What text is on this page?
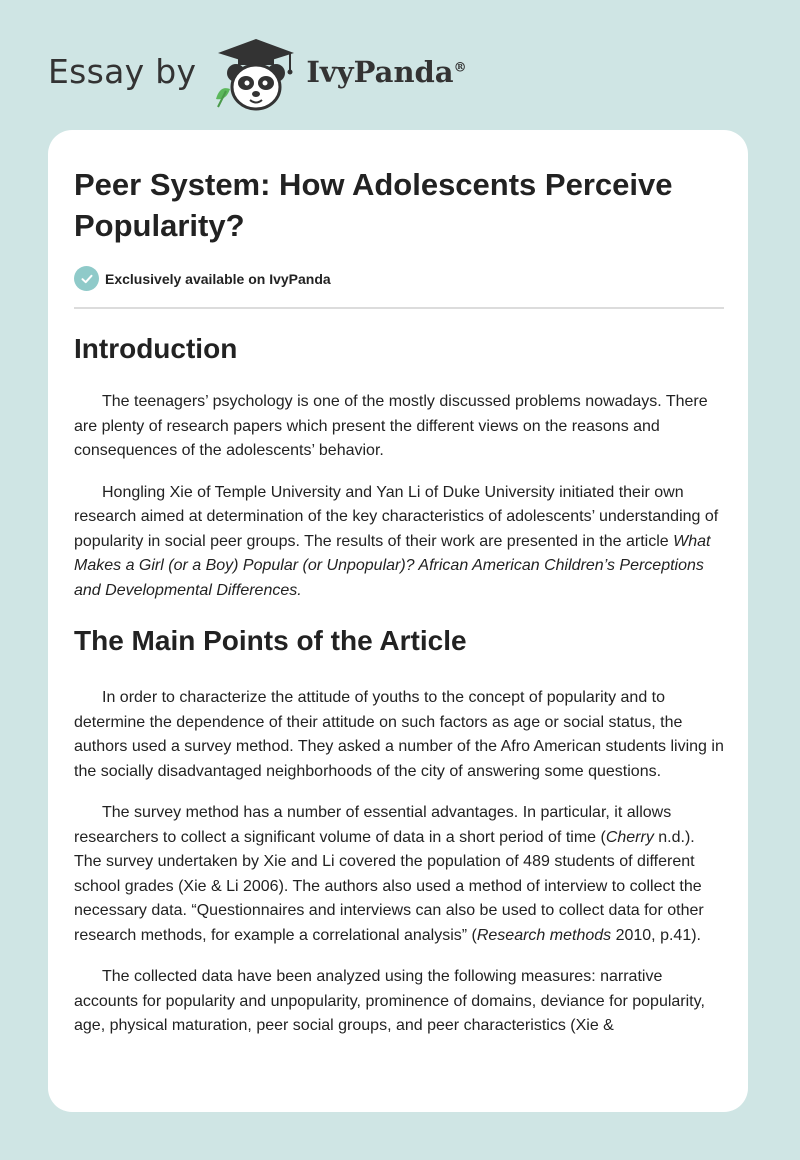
Essay by	IvyPanda®
Peer System: How Adolescents Perceive Popularity?
Exclusively available on IvyPanda
Introduction

The teenagers’ psychology is one of the mostly discussed problems nowadays. There are plenty of research papers which present the different views on the reasons and consequences of the adolescents’ behavior.

Hongling Xie of Temple University and Yan Li of Duke University initiated their own research aimed at determination of the key characteristics of adolescents’ understanding of popularity in social peer groups. The results of their work are presented in the article What Makes a Girl (or a Boy) Popular (or Unpopular)? African American Children’s Perceptions and Developmental Differences.

The Main Points of the Article

In order to characterize the attitude of youths to the concept of popularity and to determine the dependence of their attitude on such factors as age or social status, the authors used a survey method. They asked a number of the Afro American students living in the socially disadvantaged neighborhoods of the city of answering some questions.

The survey method has a number of essential advantages. In particular, it allows researchers to collect a significant volume of data in a short period of time (Cherry n.d.). The survey undertaken by Xie and Li covered the population of 489 students of different school grades (Xie & Li 2006). The authors also used a method of interview to collect the necessary data. “Questionnaires and interviews can also be used to collect data for other research methods, for example a correlational analysis” (Research methods 2010, p.41).

The collected data have been analyzed using the following measures: narrative accounts for popularity and unpopularity, prominence of domains, deviance for popularity, age, physical maturation, peer social groups, and peer characteristics (Xie &
